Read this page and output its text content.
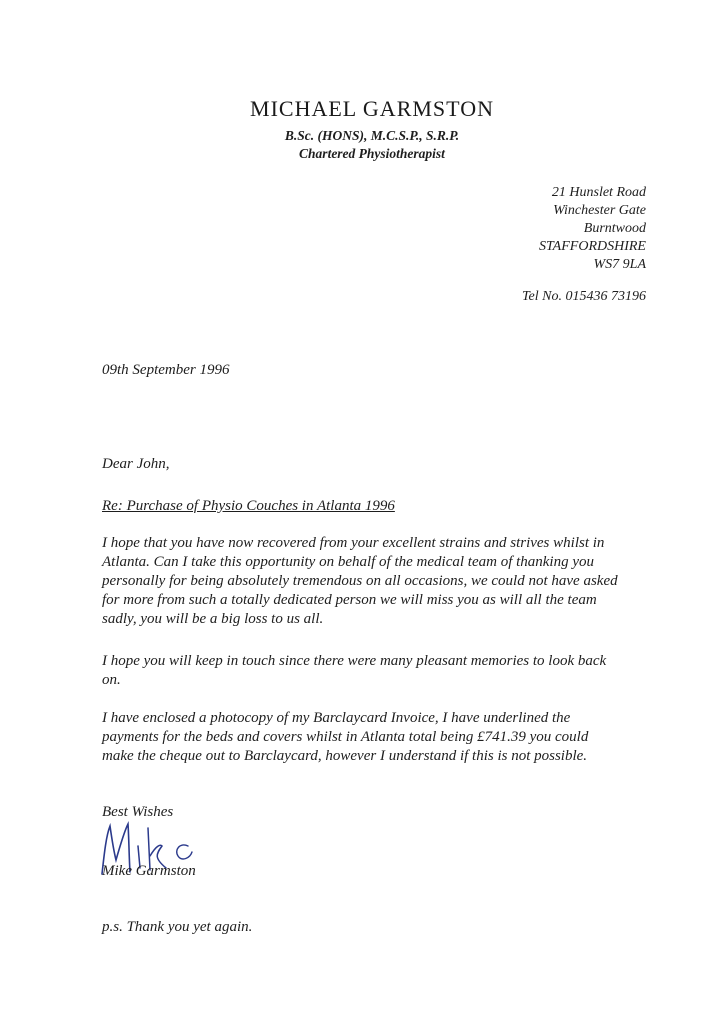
MICHAEL GARMSTON
B.Sc. (HONS), M.C.S.P., S.R.P.
Chartered Physiotherapist
21 Hunslet Road
Winchester Gate
Burntwood
STAFFORDSHIRE
WS7 9LA
Tel No. 015436 73196
09th September 1996
Dear John,
Re: Purchase of Physio Couches in Atlanta 1996
I hope that you have now recovered from your excellent strains and strives whilst in Atlanta. Can I take this opportunity on behalf of the medical team of thanking you personally for being absolutely tremendous on all occasions, we could not have asked for more from such a totally dedicated person we will miss you as will all the team sadly, you will be a big loss to us all.
I hope you will keep in touch since there were many pleasant memories to look back on.
I have enclosed a photocopy of my Barclaycard Invoice, I have underlined the payments for the beds and covers whilst in Atlanta total being £741.39 you could make the cheque out to Barclaycard, however I understand if this is not possible.
Best Wishes
Mike Garmston
p.s. Thank you yet again.
